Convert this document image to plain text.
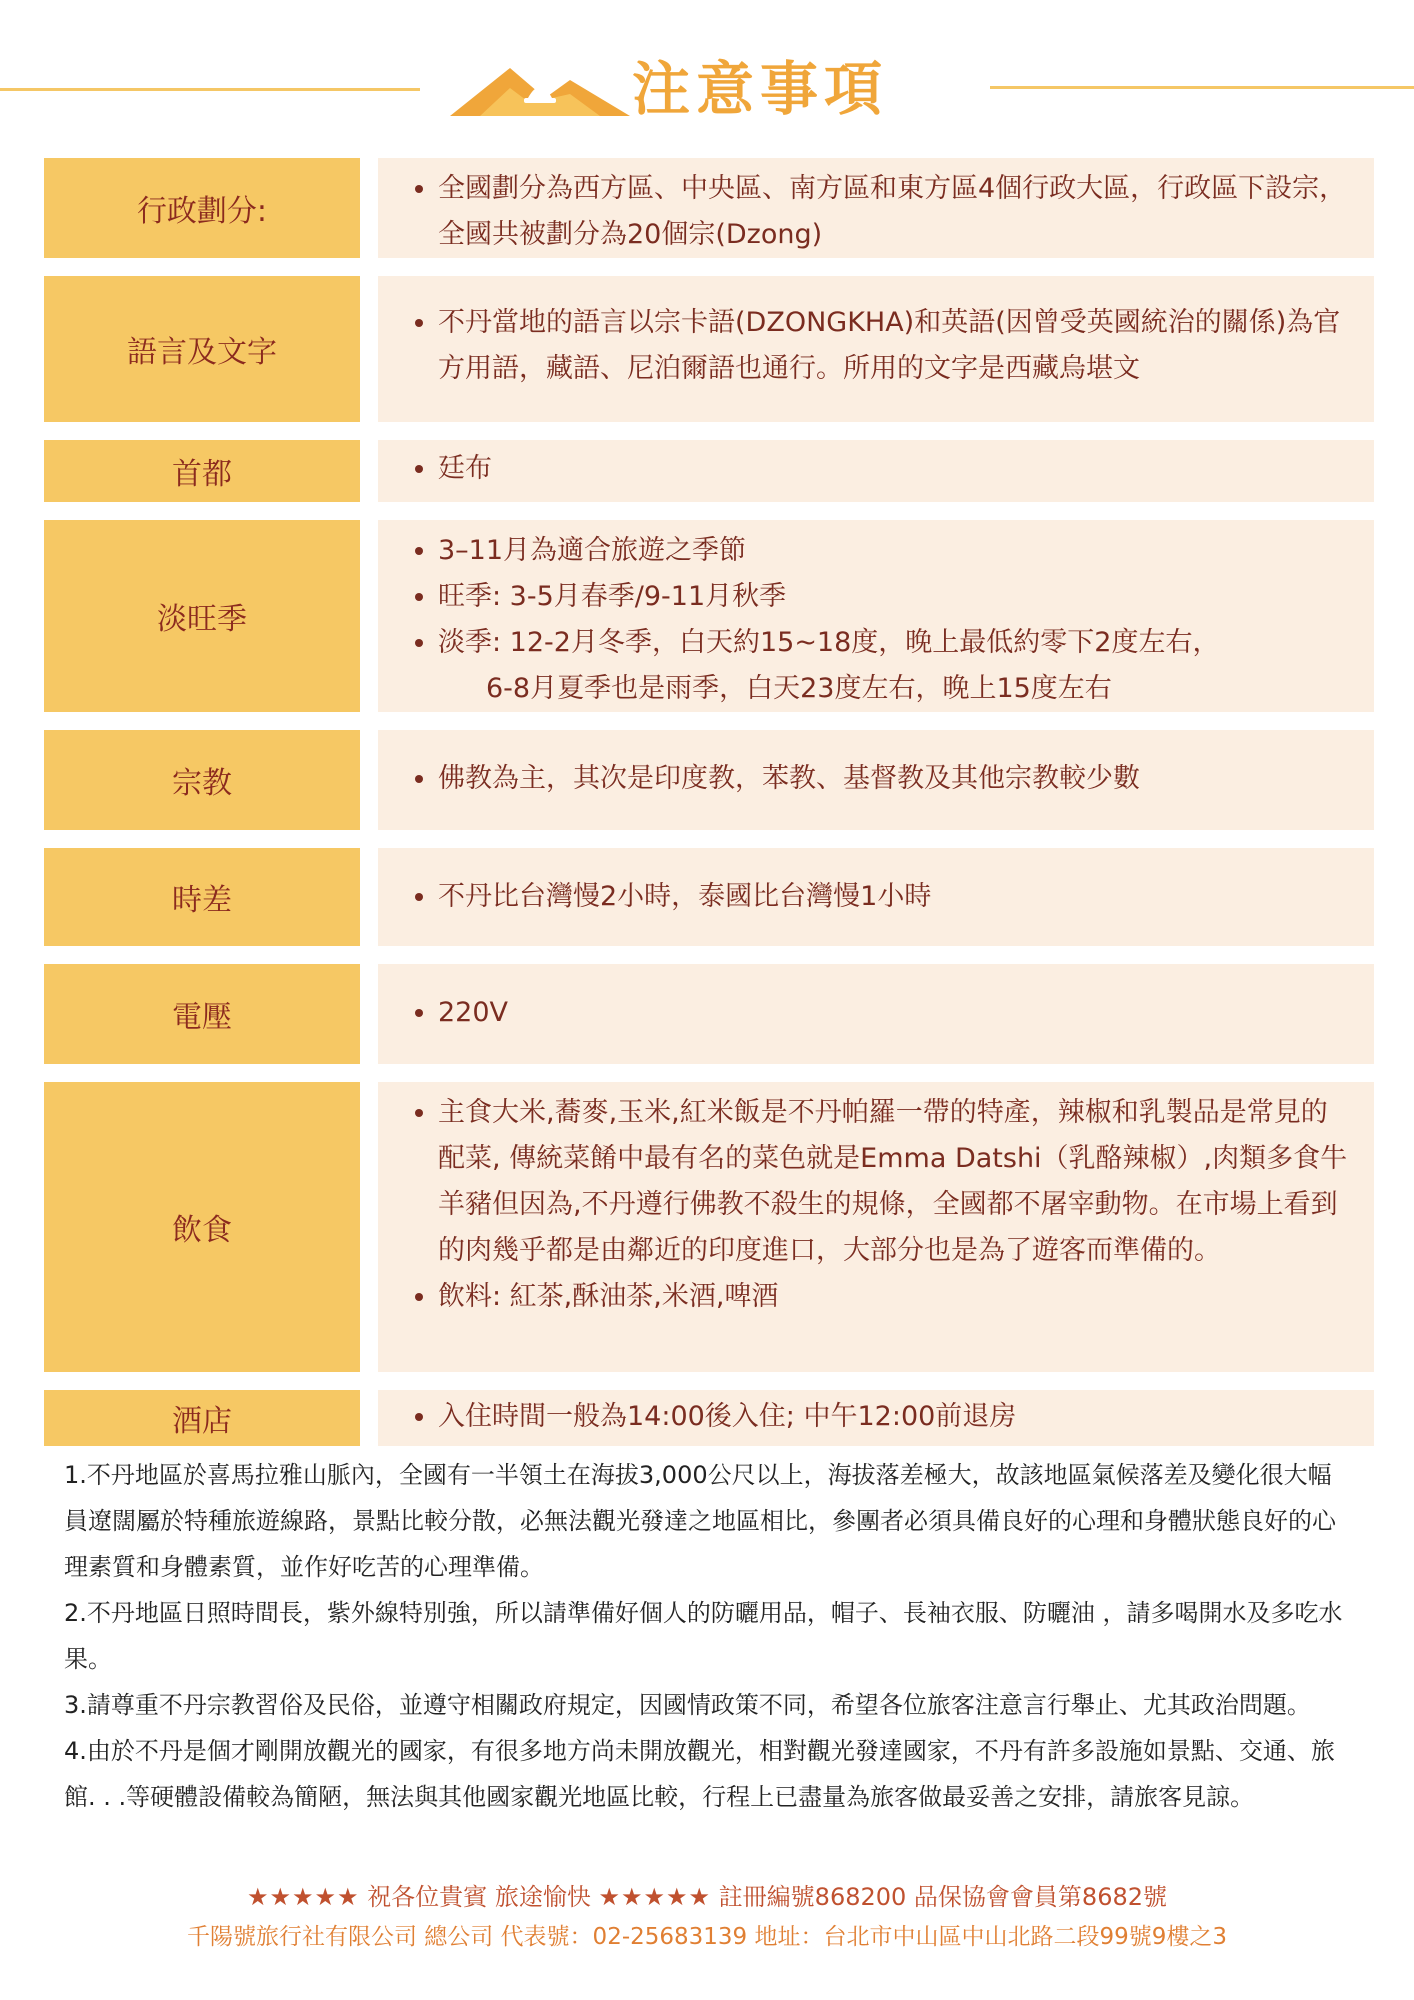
注意事項
行政劃分:
• 全國劃分為西方區、中央區、南方區和東方區4個行政大區，行政區下設宗，全國共被劃分為20個宗(Dzong)
語言及文字
• 不丹當地的語言以宗卡語(DZONGKHA)和英語(因曾受英國統治的關係)為官方用語，藏語、尼泊爾語也通行。所用的文字是西藏烏堪文
首都	• 廷布
淡旺季
• 3–11月為適合旅遊之季節
• 旺季: 3-5月春季/9-11月秋季
• 淡季: 12-2月冬季，白天約15~18度，晚上最低約零下2度左右，
6-8月夏季也是雨季，白天23度左右，晚上15度左右
宗教	• 佛教為主，其次是印度教，苯教、基督教及其他宗教較少數
時差	• 不丹比台灣慢2小時，泰國比台灣慢1小時
電壓	• 220V
飲食
• 主食大米,蕎麥,玉米,紅米飯是不丹帕羅一帶的特產，辣椒和乳製品是常見的配菜, 傳統菜餚中最有名的菜色就是Emma Datshi（乳酪辣椒）,肉類多食牛羊豬但因為,不丹遵行佛教不殺生的規條，全國都不屠宰動物。在市場上看到的肉幾乎都是由鄰近的印度進口，大部分也是為了遊客而準備的。
• 飲料: 紅茶,酥油茶,米酒,啤酒
酒店	• 入住時間一般為14:00後入住; 中午12:00前退房

1.不丹地區於喜馬拉雅山脈內，全國有一半領土在海拔3,000公尺以上，海拔落差極大，故該地區氣候落差及變化很大幅員遼闊屬於特種旅遊線路，景點比較分散，必無法觀光發達之地區相比，參團者必須具備良好的心理和身體狀態良好的心理素質和身體素質，並作好吃苦的心理準備。

2.不丹地區日照時間長，紫外線特別強，所以請準備好個人的防曬用品，帽子、長袖衣服、防曬油 ，請多喝開水及多吃水果。

3.請尊重不丹宗教習俗及民俗，並遵守相關政府規定，因國情政策不同，希望各位旅客注意言行舉止、尤其政治問題。

4.由於不丹是個才剛開放觀光的國家，有很多地方尚未開放觀光，相對觀光發達國家，不丹有許多設施如景點、交通、旅館. . .等硬體設備較為簡陋，無法與其他國家觀光地區比較，行程上已盡量為旅客做最妥善之安排，請旅客見諒。

★★★★★ 祝各位貴賓 旅途愉快 ★★★★★ 註冊編號868200 品保協會會員第8682號
千陽號旅行社有限公司 總公司 代表號：02-25683139 地址：台北市中山區中山北路二段99號9樓之3
